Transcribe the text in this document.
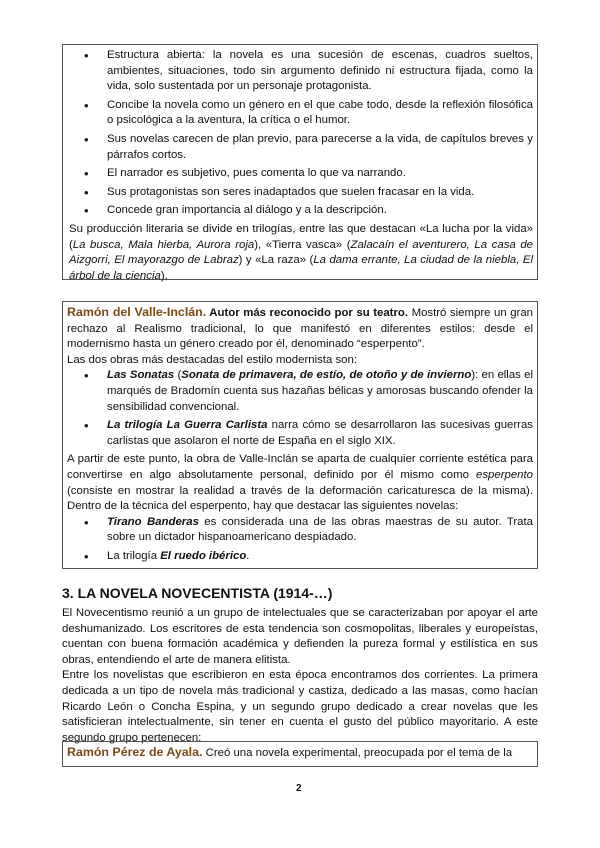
• Estructura abierta: la novela es una sucesión de escenas, cuadros sueltos, ambientes, situaciones, todo sin argumento definido ni estructura fijada, como la vida, solo sustentada por un personaje protagonista.
• Concibe la novela como un género en el que cabe todo, desde la reflexión filosófica o psicológica a la aventura, la crítica o el humor.
• Sus novelas carecen de plan previo, para parecerse a la vida, de capítulos breves y párrafos cortos.
• El narrador es subjetivo, pues comenta lo que va narrando.
• Sus protagonistas son seres inadaptados que suelen fracasar en la vida.
• Concede gran importancia al diálogo y a la descripción.

Su producción literaria se divide en trilogías, entre las que destacan «La lucha por la vida» (La busca, Mala hierba, Aurora roja), «Tierra vasca» (Zalacaín el aventurero, La casa de Aizgorri, El mayorazgo de Labraz) y «La raza» (La dama errante, La ciudad de la niebla, El árbol de la ciencia).

Ramón del Valle-Inclán. Autor más reconocido por su teatro. Mostró siempre un gran rechazo al Realismo tradicional, lo que manifestó en diferentes estilos: desde el modernismo hasta un género creado por él, denominado “esperpento”.

Las dos obras más destacadas del estilo modernista son:

• Las Sonatas (Sonata de primavera, de estío, de otoño y de invierno): en ellas el marqués de Bradomín cuenta sus hazañas bélicas y amorosas buscando ofender la sensibilidad convencional.
• La trilogía La Guerra Carlista narra cómo se desarrollaron las sucesivas guerras carlistas que asolaron el norte de España en el siglo XIX.

A partir de este punto, la obra de Valle-Inclán se aparta de cualquier corriente estética para convertirse en algo absolutamente personal, definido por él mismo como esperpento (consiste en mostrar la realidad a través de la deformación caricaturesca de la misma). Dentro de la técnica del esperpento, hay que destacar las siguientes novelas:

• Tirano Banderas es considerada una de las obras maestras de su autor. Trata sobre un dictador hispanoamericano despiadado.
• La trilogía El ruedo ibérico.
3. LA NOVELA NOVECENTISTA (1914-…)

El Novecentismo reunió a un grupo de intelectuales que se caracterizaban por apoyar el arte deshumanizado. Los escritores de esta tendencia son cosmopolitas, liberales y europeístas, cuentan con buena formación académica y defienden la pureza formal y estilística en sus obras, entendiendo el arte de manera elitista.

Entre los novelistas que escribieron en esta época encontramos dos corrientes. La primera dedicada a un tipo de novela más tradicional y castiza, dedicado a las masas, como hacían Ricardo León o Concha Espina, y un segundo grupo dedicado a crear novelas que les satisficieran intelectualmente, sin tener en cuenta el gusto del público mayoritario. A este segundo grupo pertenecen:

Ramón Pérez de Ayala. Creó una novela experimental, preocupada por el tema de la

2
